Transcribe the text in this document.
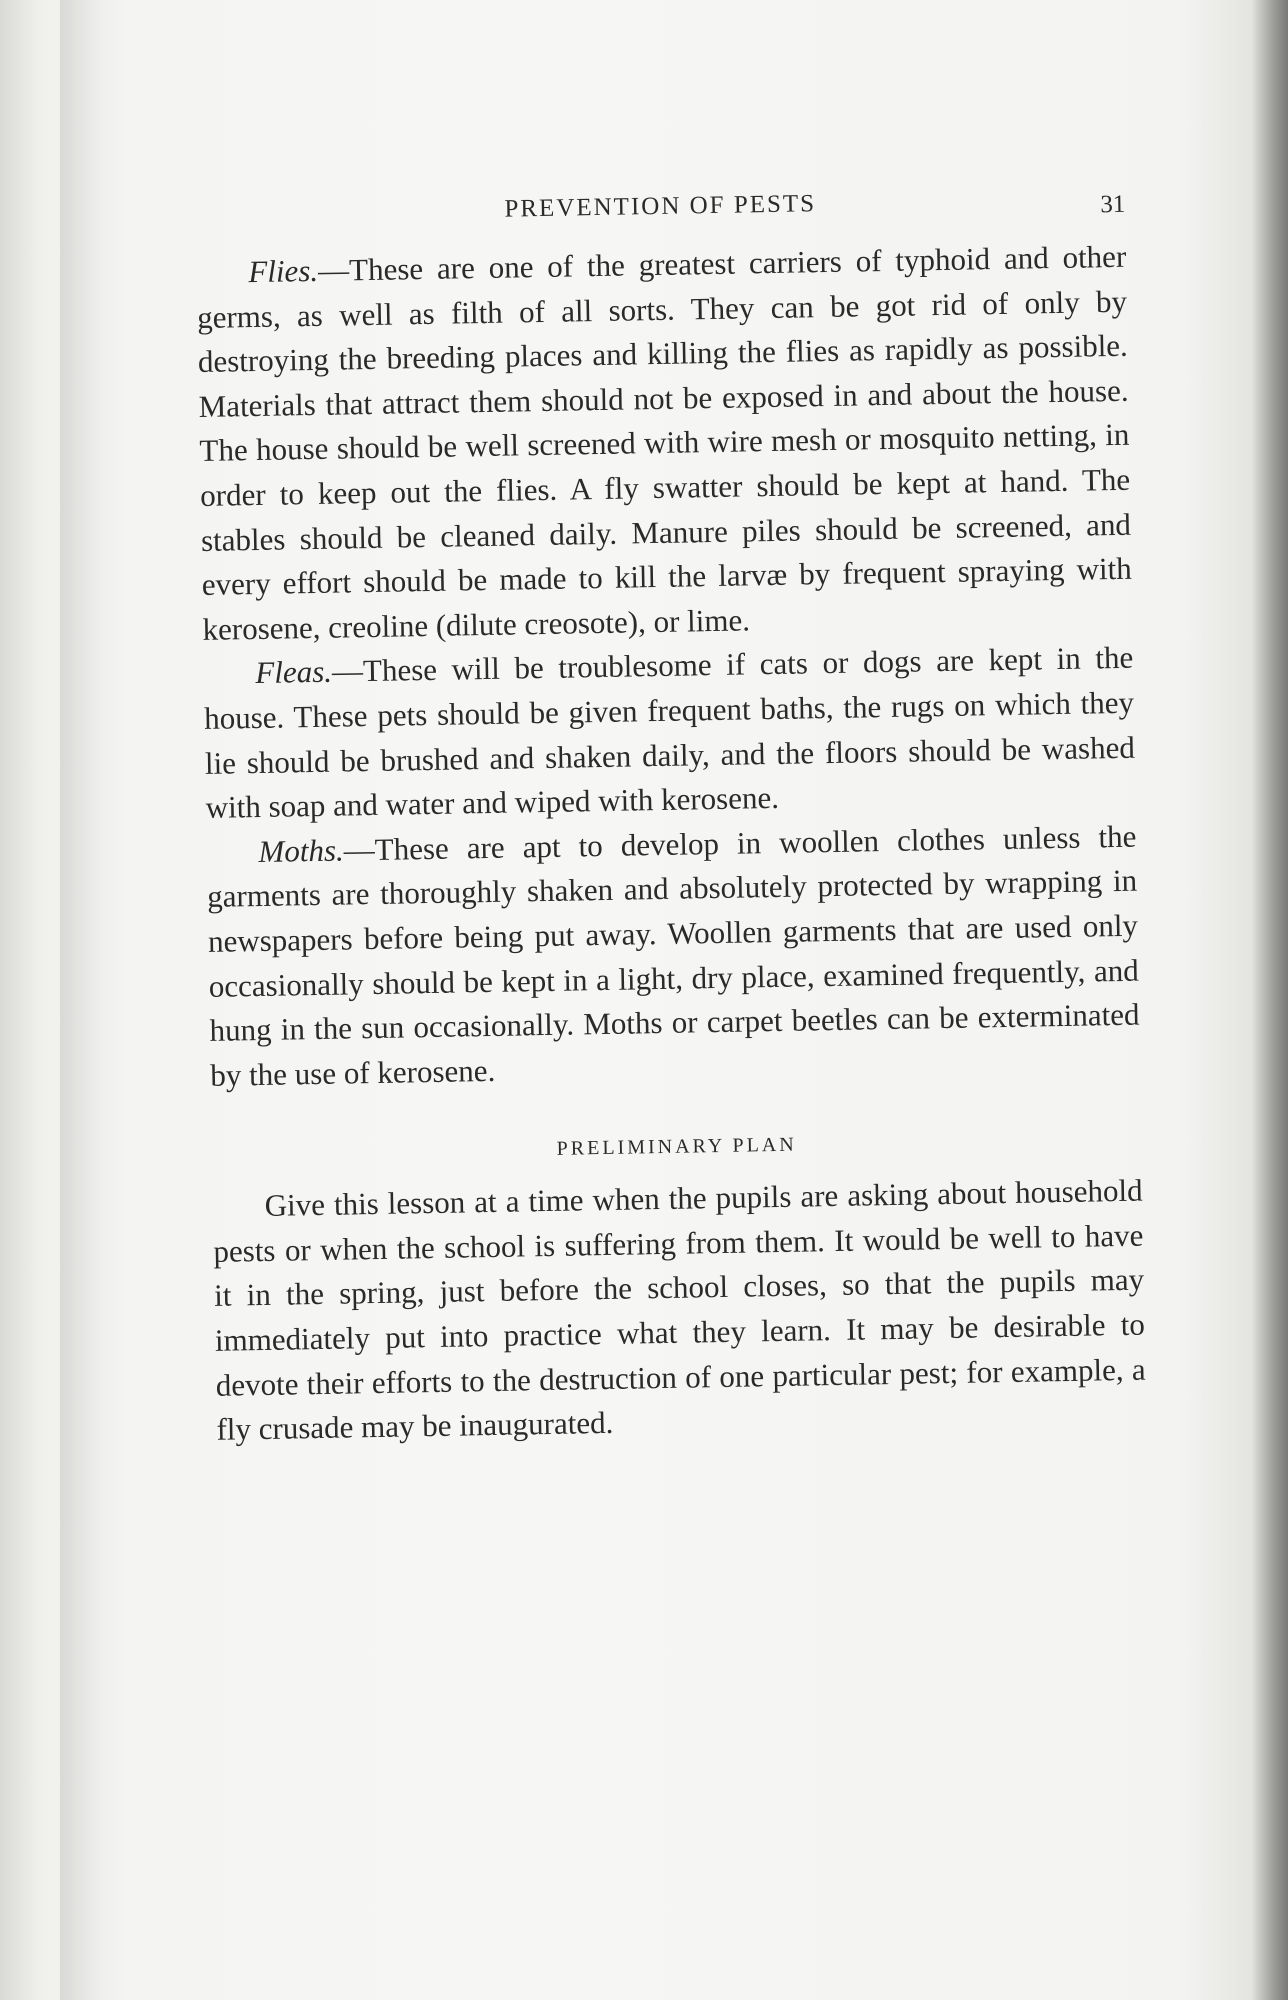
PREVENTION OF PESTS	31

Flies.—These are one of the greatest carriers of typhoid and other germs, as well as filth of all sorts. They can be got rid of only by destroying the breeding places and killing the flies as rapidly as possible. Materials that attract them should not be exposed in and about the house. The house should be well screened with wire mesh or mosquito netting, in order to keep out the flies. A fly swatter should be kept at hand. The stables should be cleaned daily. Manure piles should be screened, and every effort should be made to kill the larvæ by frequent spraying with kerosene, creoline (dilute creosote), or lime.

Fleas.—These will be troublesome if cats or dogs are kept in the house. These pets should be given frequent baths, the rugs on which they lie should be brushed and shaken daily, and the floors should be washed with soap and water and wiped with kerosene.

Moths.—These are apt to develop in woollen clothes unless the garments are thoroughly shaken and absolutely protected by wrapping in newspapers before being put away. Woollen garments that are used only occasionally should be kept in a light, dry place, examined frequently, and hung in the sun occasionally. Moths or carpet beetles can be exterminated by the use of kerosene.

PRELIMINARY PLAN

Give this lesson at a time when the pupils are asking about household pests or when the school is suffering from them. It would be well to have it in the spring, just before the school closes, so that the pupils may immediately put into practice what they learn. It may be desirable to devote their efforts to the destruction of one particular pest; for example, a fly crusade may be inaugurated.
